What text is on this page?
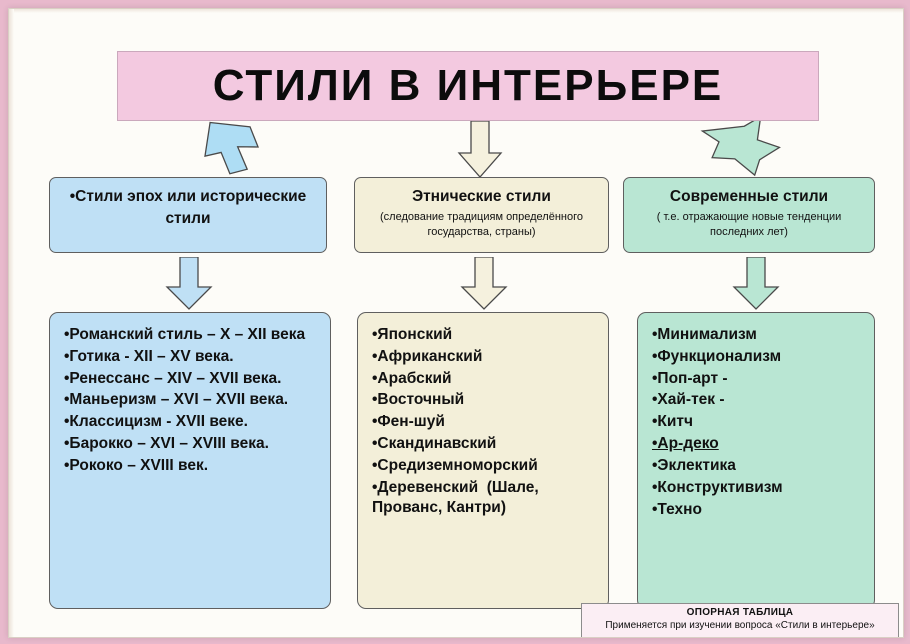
СТИЛИ В ИНТЕРЬЕРЕ
•Стили эпох или исторические стили
Этнические стили
(следование традициям определённого государства, страны)
Современные стили
( т.е. отражающие новые тенденции последних лет)
•Романский стиль – X – XII века
•Готика - XII – XV века.
•Ренессанс – XIV – XVII века.
•Маньеризм – XVI – XVII века.
•Классицизм - XVII веке.
•Барокко – XVI – XVIII века.
•Рококо – XVIII век.
•Японский
•Африканский
•Арабский
•Восточный
•Фен-шуй
•Скандинавский
•Средиземноморский
•Деревенский  (Шале, Прованс, Кантри)
•Минимализм
•Функционализм
•Поп-арт -
•Хай-тек -
•Китч
•Ар-деко
•Эклектика
•Конструктивизм
•Техно
ОПОРНАЯ ТАБЛИЦА
Применяется при изучении вопроса «Стили в интерьере»
